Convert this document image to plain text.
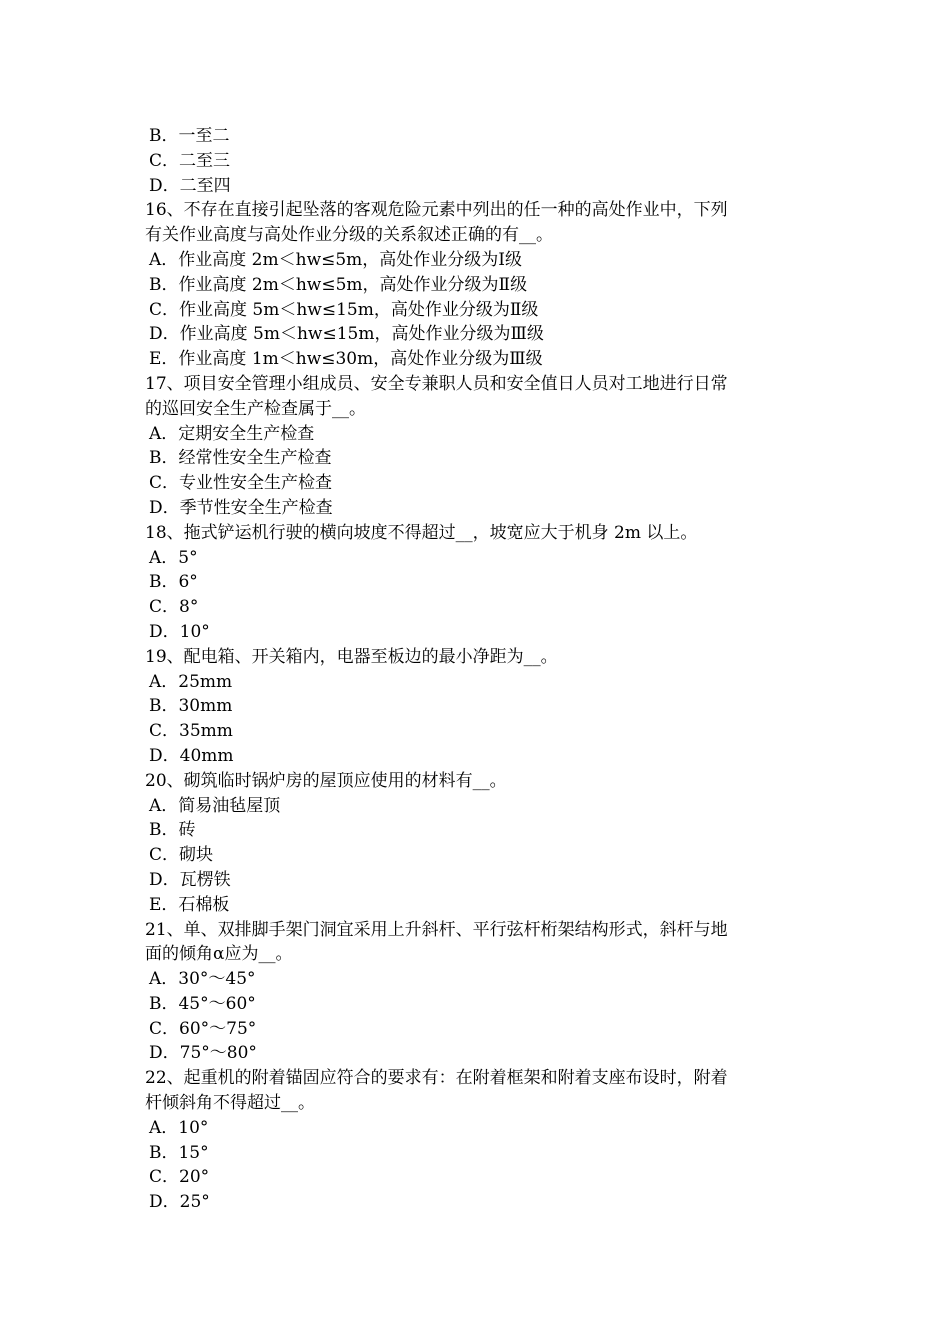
B．一至二
C．二至三
D．二至四
16、不存在直接引起坠落的客观危险元素中列出的任一种的高处作业中，下列
有关作业高度与高处作业分级的关系叙述正确的有__。
A．作业高度 2m＜hw≤5m，高处作业分级为Ⅰ级
B．作业高度 2m＜hw≤5m，高处作业分级为Ⅱ级
C．作业高度 5m＜hw≤15m，高处作业分级为Ⅱ级
D．作业高度 5m＜hw≤15m，高处作业分级为Ⅲ级
E．作业高度 1m＜hw≤30m，高处作业分级为Ⅲ级
17、项目安全管理小组成员、安全专兼职人员和安全值日人员对工地进行日常
的巡回安全生产检查属于__。
A．定期安全生产检查
B．经常性安全生产检查
C．专业性安全生产检查
D．季节性安全生产检查
18、拖式铲运机行驶的横向坡度不得超过__，坡宽应大于机身 2m 以上。
A．5°
B．6°
C．8°
D．10°
19、配电箱、开关箱内，电器至板边的最小净距为__。
A．25mm
B．30mm
C．35mm
D．40mm
20、砌筑临时锅炉房的屋顶应使用的材料有__。
A．简易油毡屋顶
B．砖
C．砌块
D．瓦楞铁
E．石棉板
21、单、双排脚手架门洞宜采用上升斜杆、平行弦杆桁架结构形式，斜杆与地
面的倾角α应为__。
A．30°～45°
B．45°～60°
C．60°～75°
D．75°～80°
22、起重机的附着锚固应符合的要求有：在附着框架和附着支座布设时，附着
杆倾斜角不得超过__。
A．10°
B．15°
C．20°
D．25°
